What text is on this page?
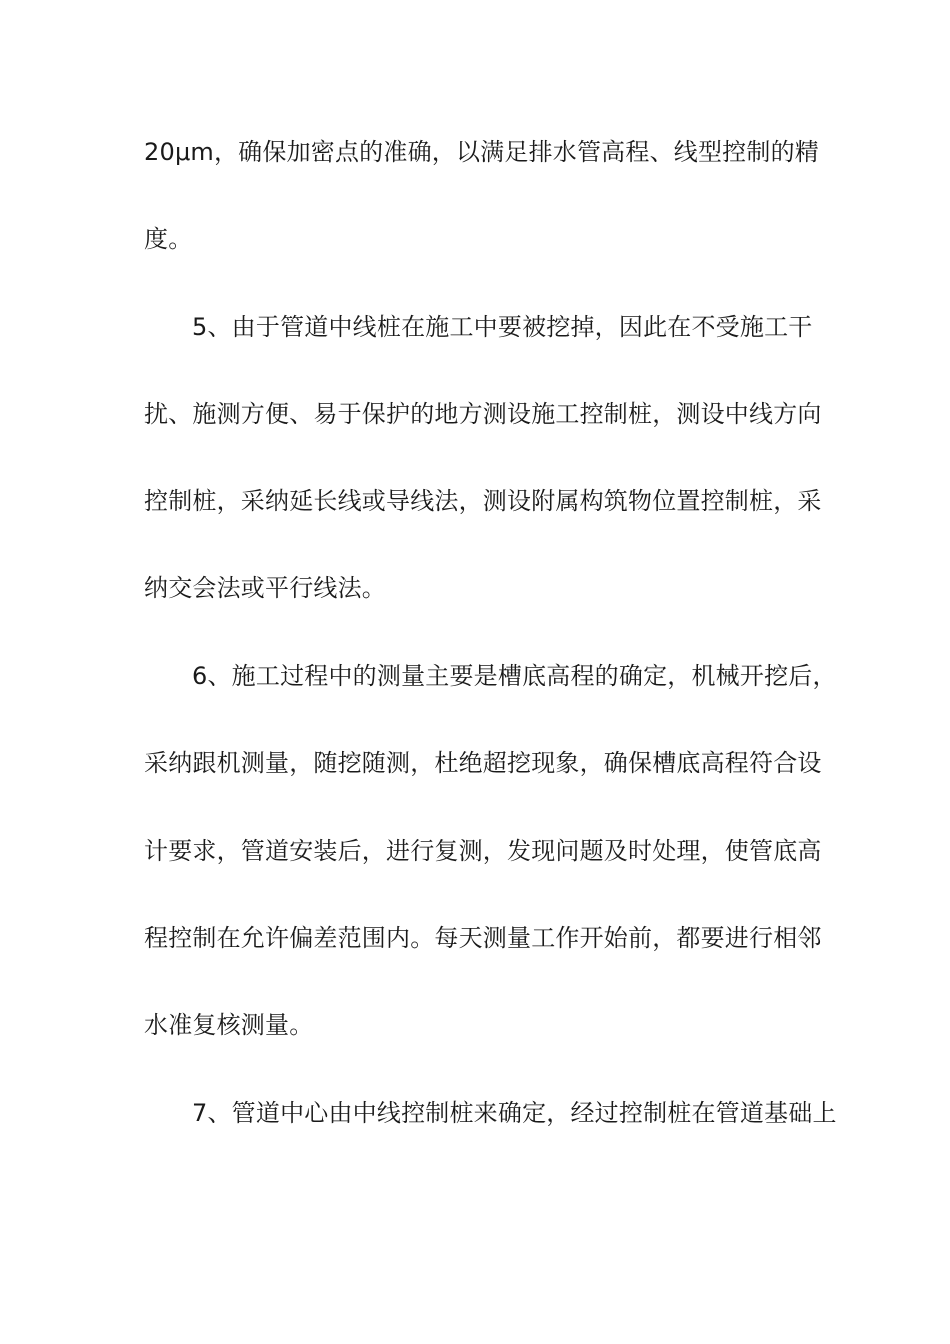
20μm，确保加密点的准确，以满足排水管高程、线型控制的精
度。
5、由于管道中线桩在施工中要被挖掉，因此在不受施工干
扰、施测方便、易于保护的地方测设施工控制桩，测设中线方向
控制桩，采纳延长线或导线法，测设附属构筑物位置控制桩，采
纳交会法或平行线法。
6、施工过程中的测量主要是槽底高程的确定，机械开挖后，
采纳跟机测量，随挖随测，杜绝超挖现象，确保槽底高程符合设
计要求，管道安装后，进行复测，发现问题及时处理，使管底高
程控制在允许偏差范围内。每天测量工作开始前，都要进行相邻
水准复核测量。
7、管道中心由中线控制桩来确定，经过控制桩在管道基础上
